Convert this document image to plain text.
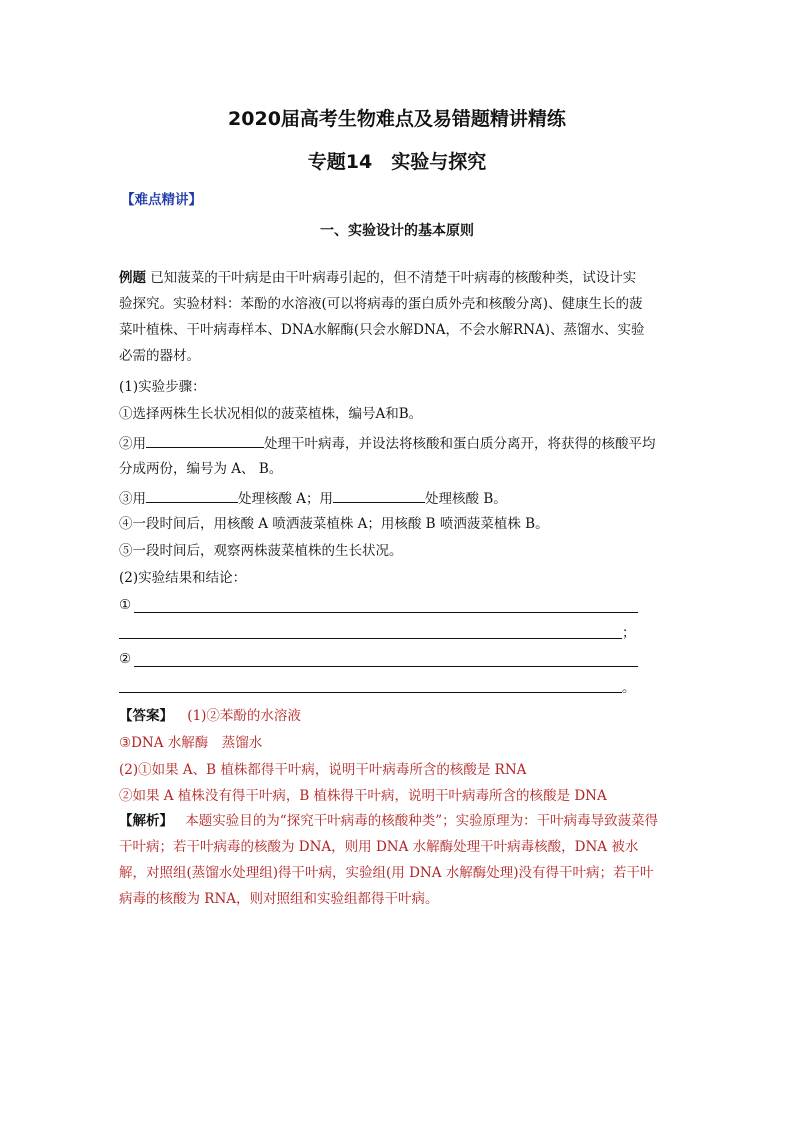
2020届高考生物难点及易错题精讲精练
专题14　实验与探究
【难点精讲】
一、实验设计的基本原则
例题 已知菠菜的干叶病是由干叶病毒引起的，但不清楚干叶病毒的核酸种类，试设计实验探究。实验材料：苯酚的水溶液(可以将病毒的蛋白质外壳和核酸分离)、健康生长的菠菜叶植株、干叶病毒样本、DNA水解酶(只会水解DNA，不会水解RNA)、蒸馏水、实验必需的器材。
(1)实验步骤：
①选择两株生长状况相似的菠菜植株，编号A和B。
②用	处理干叶病毒，并设法将核酸和蛋白质分离开，将获得的核酸平均
分成两份，编号为 A、 B。
③用	处理核酸 A；用	处理核酸 B。
④一段时间后，用核酸 A 喷洒菠菜植株 A；用核酸 B 喷洒菠菜植株 B。
⑤一段时间后，观察两株菠菜植株的生长状况。
(2)实验结果和结论：
①
；
②
。
【答案】 (1)②苯酚的水溶液
③DNA 水解酶　蒸馏水
(2)①如果 A、B 植株都得干叶病，说明干叶病毒所含的核酸是 RNA
②如果 A 植株没有得干叶病，B 植株得干叶病，说明干叶病毒所含的核酸是 DNA
【解析】 本题实验目的为“探究干叶病毒的核酸种类”；实验原理为：干叶病毒导致菠菜得干叶病；若干叶病毒的核酸为 DNA，则用 DNA 水解酶处理干叶病毒核酸，DNA 被水解，对照组(蒸馏水处理组)得干叶病，实验组(用 DNA 水解酶处理)没有得干叶病；若干叶病毒的核酸为 RNA，则对照组和实验组都得干叶病。
